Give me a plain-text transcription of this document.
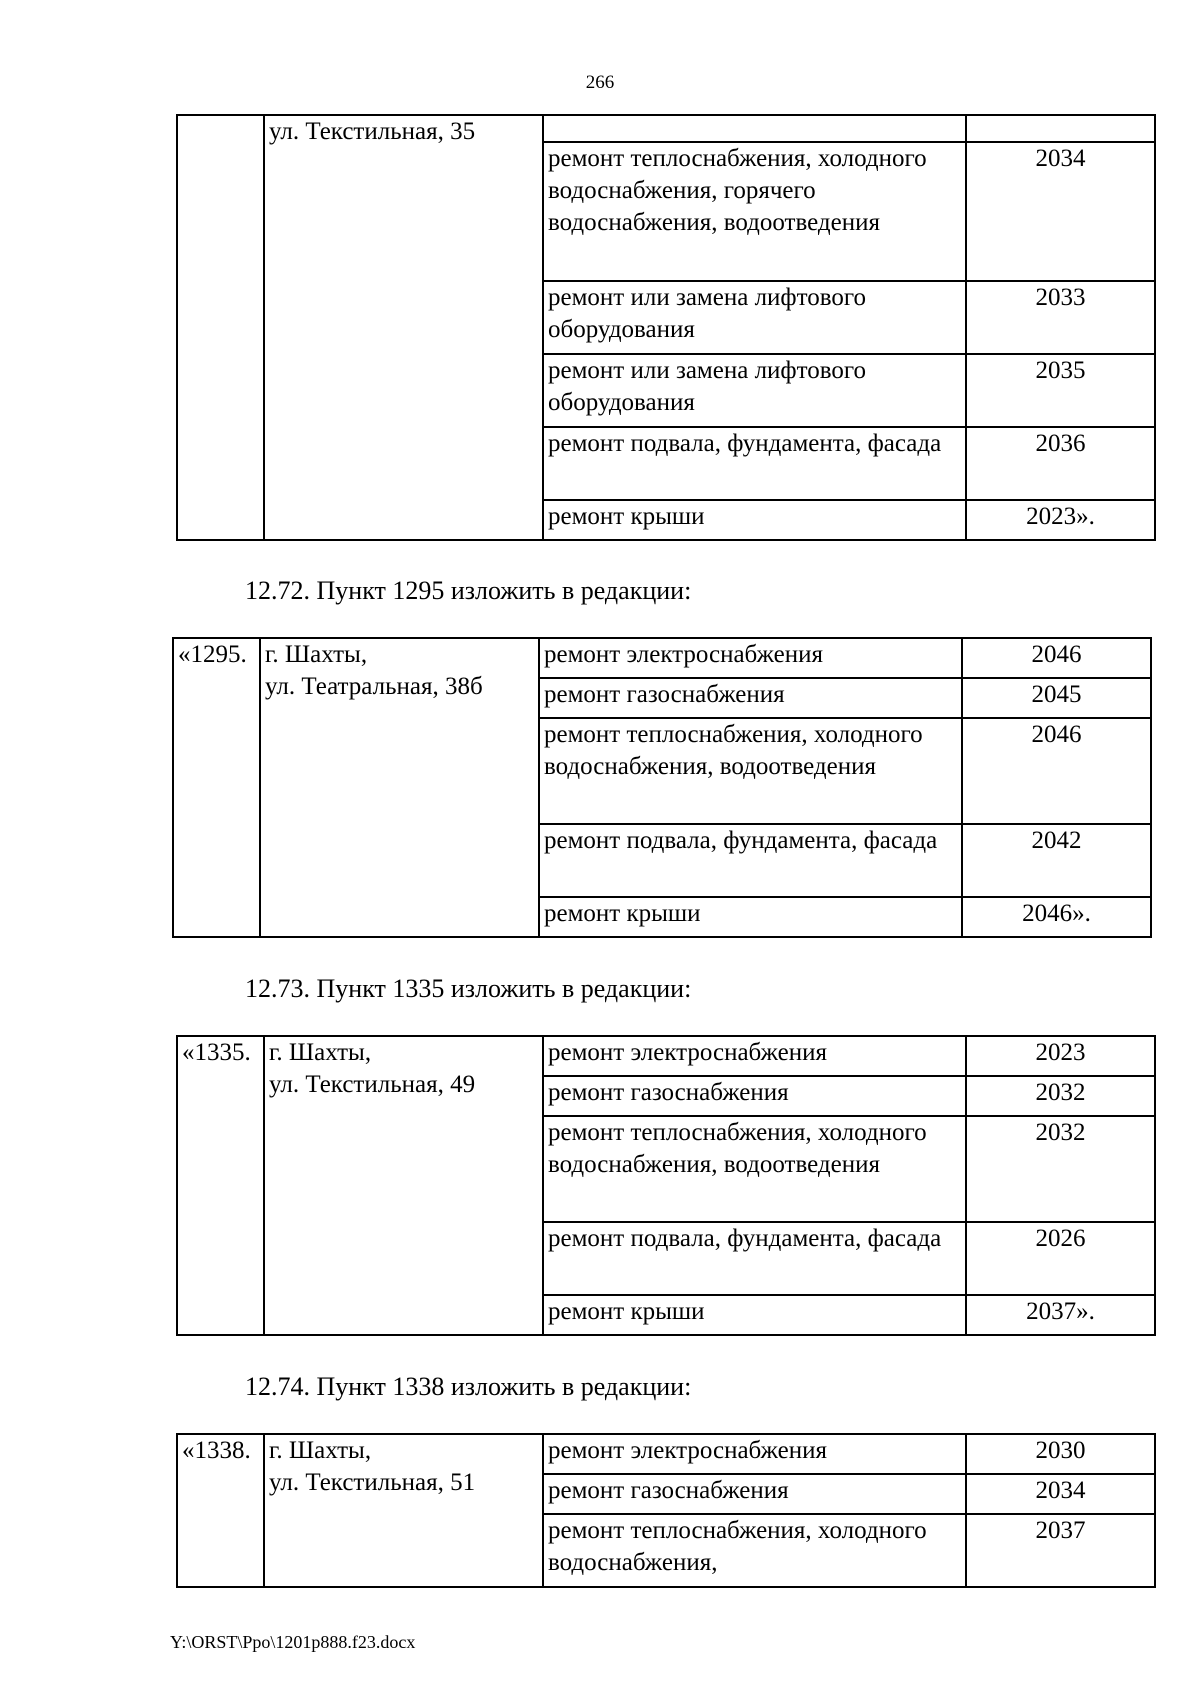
266

	ул. Текстильная, 35		

		ремонт теплоснабжения, холодного водоснабжения, горячего водоснабжения, водоотведения	2034
		ремонт или замена лифтового оборудования	2033
		ремонт или замена лифтового оборудования	2035
		ремонт подвала, фундамента, фасада	2036
		ремонт крыши	2023».
12.72. Пункт 1295 изложить в редакции:
«1295.	г. Шахты,
ул. Театральная, 38б	ремонт электроснабжения	2046
		ремонт газоснабжения	2045
		ремонт теплоснабжения, холодного водоснабжения, водоотведения	2046
		ремонт подвала, фундамента, фасада	2042
		ремонт крыши	2046».
12.73. Пункт 1335 изложить в редакции:
«1335.	г. Шахты,
ул. Текстильная, 49	ремонт электроснабжения	2023
		ремонт газоснабжения	2032
		ремонт теплоснабжения, холодного водоснабжения, водоотведения	2032
		ремонт подвала, фундамента, фасада	2026
		ремонт крыши	2037».
12.74. Пункт 1338 изложить в редакции:
«1338.	г. Шахты,
ул. Текстильная, 51	ремонт электроснабжения	2030
		ремонт газоснабжения	2034
		ремонт теплоснабжения, холодного водоснабжения,	2037
Y:\ORST\Ppo\1201p888.f23.docx
